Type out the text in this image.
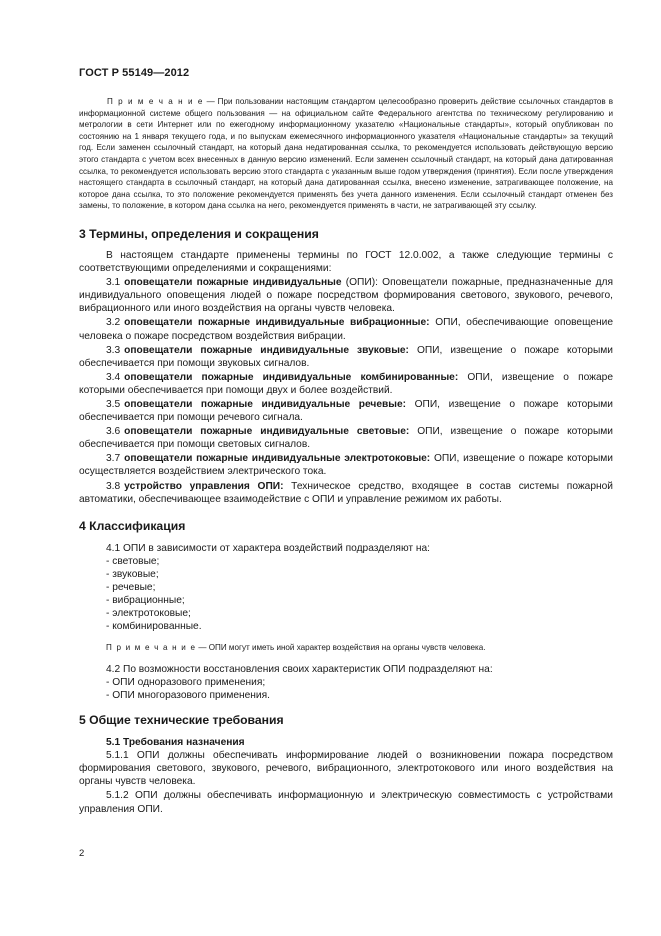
ГОСТ Р 55149—2012

П р и м е ч а н и е — При пользовании настоящим стандартом целесообразно проверить действие ссылочных стандартов в информационной системе общего пользования — на официальном сайте Федерального агентства по техническому регулированию и метрологии в сети Интернет или по ежегодному информационному указателю «Национальные стандарты», который опубликован по состоянию на 1 января текущего года, и по выпускам ежемесячного информационного указателя «Национальные стандарты» за текущий год. Если заменен ссылочный стандарт, на который дана недатированная ссылка, то рекомендуется использовать действующую версию этого стандарта с учетом всех внесенных в данную версию изменений. Если заменен ссылочный стандарт, на который дана датированная ссылка, то рекомендуется использовать версию этого стандарта с указанным выше годом утверждения (принятия). Если после утверждения настоящего стандарта в ссылочный стандарт, на который дана датированная ссылка, внесено изменение, затрагивающее положение, на которое дана ссылка, то это положение рекомендуется применять без учета данного изменения. Если ссылочный стандарт отменен без замены, то положение, в котором дана ссылка на него, рекомендуется применять в части, не затрагивающей эту ссылку.

3 Термины, определения и сокращения

В настоящем стандарте применены термины по ГОСТ 12.0.002, а также следующие термины с соответствующими определениями и сокращениями:

3.1 оповещатели пожарные индивидуальные (ОПИ): Оповещатели пожарные, предназначенные для индивидуального оповещения людей о пожаре посредством формирования светового, звукового, речевого, вибрационного или иного воздействия на органы чувств человека.

3.2 оповещатели пожарные индивидуальные вибрационные: ОПИ, обеспечивающие оповещение человека о пожаре посредством воздействия вибрации.

3.3 оповещатели пожарные индивидуальные звуковые: ОПИ, извещение о пожаре которыми обеспечивается при помощи звуковых сигналов.

3.4 оповещатели пожарные индивидуальные комбинированные: ОПИ, извещение о пожаре которыми обеспечивается при помощи двух и более воздействий.

3.5 оповещатели пожарные индивидуальные речевые: ОПИ, извещение о пожаре которыми обеспечивается при помощи речевого сигнала.

3.6 оповещатели пожарные индивидуальные световые: ОПИ, извещение о пожаре которыми обеспечивается при помощи световых сигналов.

3.7 оповещатели пожарные индивидуальные электротоковые: ОПИ, извещение о пожаре которыми осуществляется воздействием электрического тока.

3.8 устройство управления ОПИ: Техническое средство, входящее в состав системы пожарной автоматики, обеспечивающее взаимодействие с ОПИ и управление режимом их работы.

4 Классификация

4.1 ОПИ в зависимости от характера воздействий подразделяют на:

- световые;

- звуковые;

- речевые;

- вибрационные;

- электротоковые;

- комбинированные.

П р и м е ч а н и е — ОПИ могут иметь иной характер воздействия на органы чувств человека.

4.2 По возможности восстановления своих характеристик ОПИ подразделяют на:

- ОПИ одноразового применения;

- ОПИ многоразового применения.

5 Общие технические требования

5.1 Требования назначения

5.1.1 ОПИ должны обеспечивать информирование людей о возникновении пожара посредством формирования светового, звукового, речевого, вибрационного, электротокового или иного воздействия на органы чувств человека.

5.1.2 ОПИ должны обеспечивать информационную и электрическую совместимость с устройствами управления ОПИ.

2
